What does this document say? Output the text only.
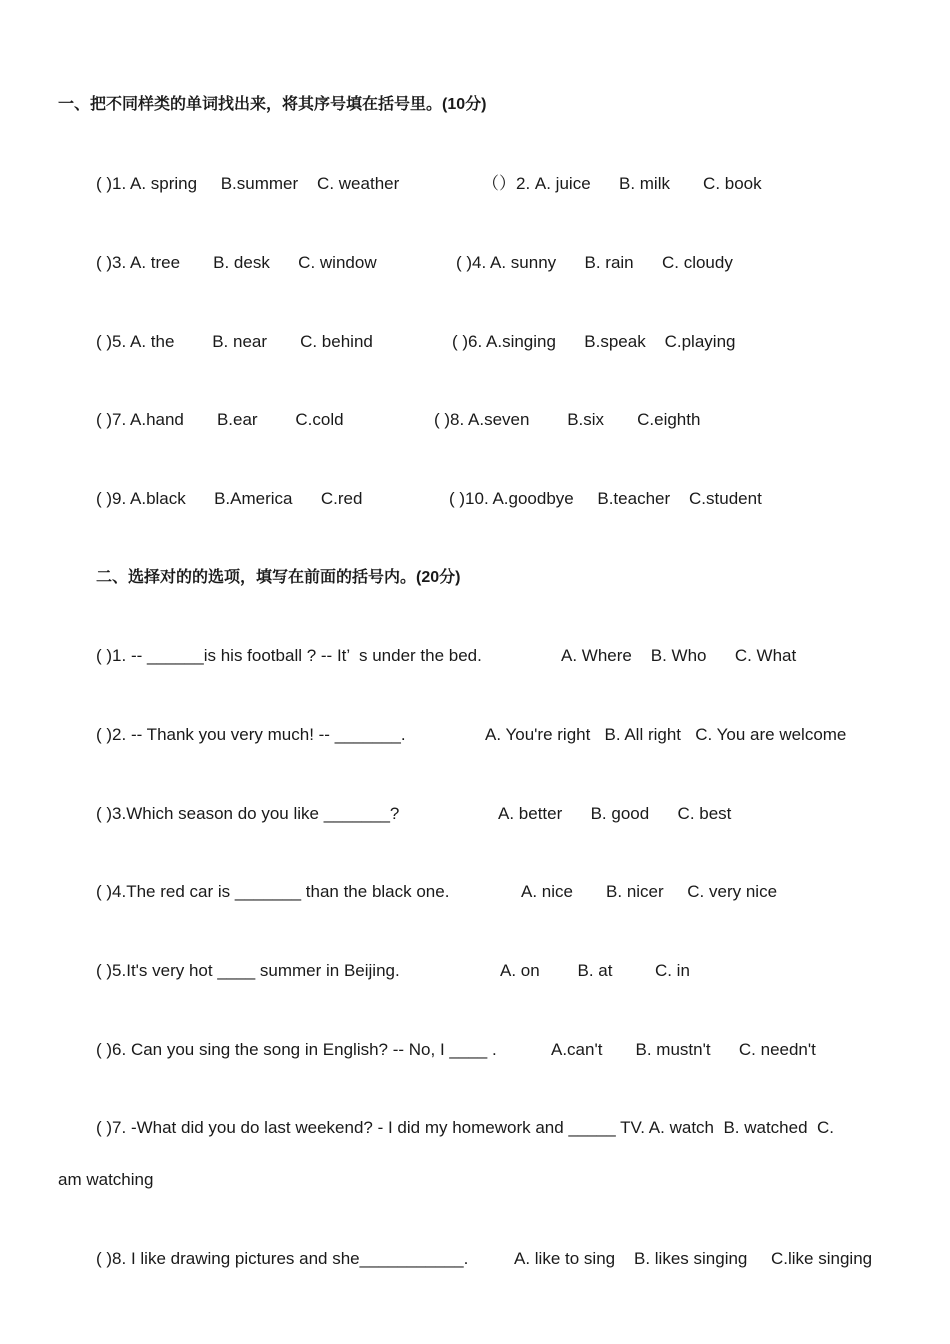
一、把不同样类的单词找出来，将其序号填在括号里。(10分)
( )1. A. spring     B.summer    C. weather	（）2. A. juice      B. milk       C. book
( )3. A. tree       B. desk      C. window	( )4. A. sunny      B. rain      C. cloudy
( )5. A. the        B. near       C. behind	( )6. A.singing      B.speak    C.playing
( )7. A.hand       B.ear        C.cold	( )8. A.seven        B.six       C.eighth
( )9. A.black      B.America      C.red	( )10. A.goodbye     B.teacher    C.student
二、选择对的的选项，填写在前面的括号内。(20分)
( )1. -- ______is his football ? -- It’  s under the bed.	A. Where    B. Who      C. What
( )2. -- Thank you very much! -- _______.	A. You're right   B. All right   C. You are welcome
( )3.Which season do you like _______?	A. better      B. good      C. best
( )4.The red car is _______ than the black one.	A. nice       B. nicer     C. very nice
( )5.It's very hot ____ summer in Beijing.	A. on        B. at         C. in
( )6. Can you sing the song in English? -- No, I ____ .	A.can't       B. mustn't      C. needn't
( )7. -What did you do last weekend? - I did my homework and _____ TV. A. watch  B. watched  C.
am watching
( )8. I like drawing pictures and she___________.	A. like to sing    B. likes singing     C.like singing
